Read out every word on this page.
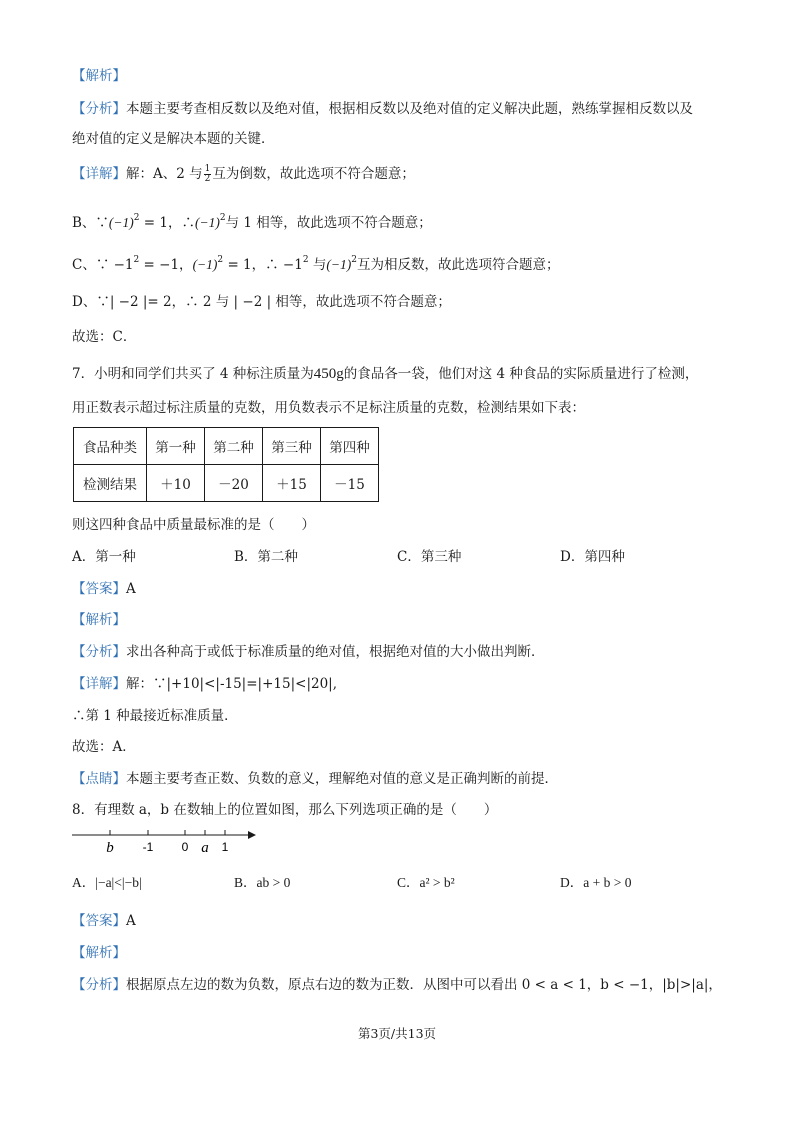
【解析】
【分析】本题主要考查相反数以及绝对值，根据相反数以及绝对值的定义解决此题，熟练掌握相反数以及
绝对值的定义是解决本题的关键．
【详解】解：A、2 与 $\frac{1}{2}$ 互为倒数，故此选项不符合题意；
B、$\because(-1)^2 = 1$，$\therefore(-1)^2$与 1 相等，故此选项不符合题意；
C、∵ $-1^2 = -1$，$(-1)^2 = 1$，∴ $-1^2$ 与$(-1)^2$互为相反数，故此选项符合题意；
D、∵| −2 |= 2，∴ 2 与 | −2 | 相等，故此选项不符合题意；
故选：C．
7．小明和同学们共买了 4 种标注质量为450g的食品各一袋，他们对这 4 种食品的实际质量进行了检测，
用正数表示超过标注质量的克数，用负数表示不足标注质量的克数，检测结果如下表：
食品种类	第一种	第二种	第三种	第四种
检测结果	＋10	－20	＋15	－15
则这四种食品中质量最标准的是（　　）
A．第一种	B．第二种	C．第三种	D．第四种
【答案】A
【解析】
【分析】求出各种高于或低于标准质量的绝对值，根据绝对值的大小做出判断．
【详解】解：∵|+10|<|-15|=|+15|<|20|,
∴第 1 种最接近标准质量．
故选：A．
【点睛】本题主要考查正数、负数的意义，理解绝对值的意义是正确判断的前提．
8．有理数 a，b 在数轴上的位置如图，那么下列选项正确的是（　　）
b -1 0 a 1
A．|−a|<|−b|	B．ab > 0	C．a² > b²	D．a + b > 0
【答案】A
【解析】
【分析】根据原点左边的数为负数，原点右边的数为正数．从图中可以看出 0 < a < 1，b < −1，|b|>|a|，
第3页/共13页
